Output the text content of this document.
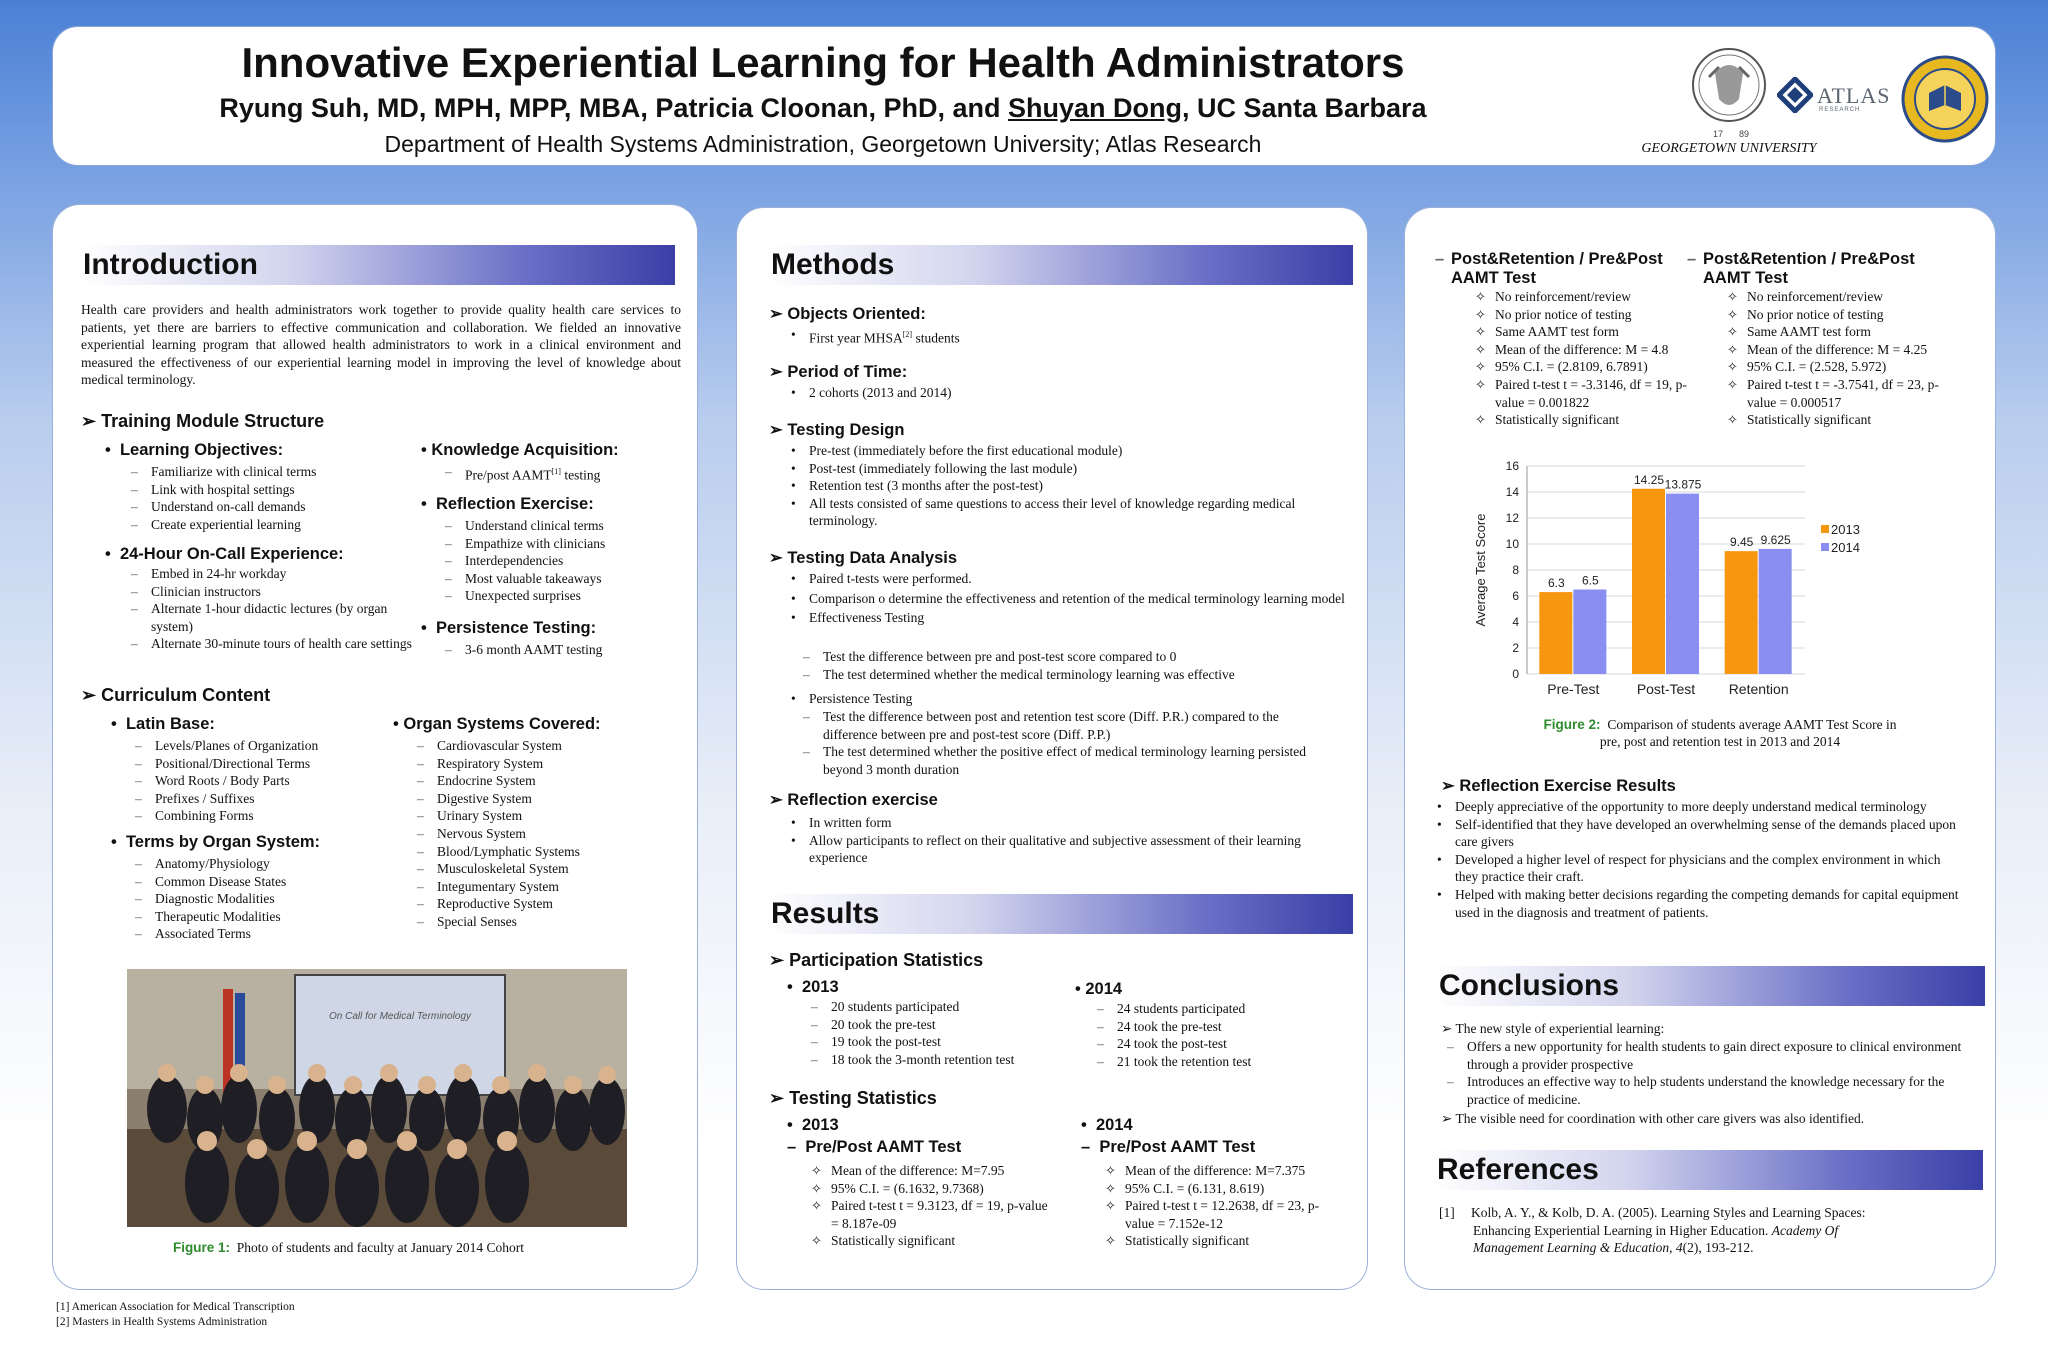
Innovative Experiential Learning for Health Administrators
Ryung Suh, MD, MPH, MPP, MBA, Patricia Cloonan, PhD, and Shuyan Dong, UC Santa Barbara
Department of Health Systems Administration, Georgetown University; Atlas Research	17 89
GEORGETOWN UNIVERSITY
ATLAS
RESEARCH
Introduction
Health care providers and health administrators work together to provide quality health care services to patients, yet there are barriers to effective communication and collaboration. We fielded an innovative experiential learning program that allowed health administrators to work in a clinical environment and measured the effectiveness of our experiential learning model in improving the level of knowledge about medical terminology.
➢ Training Module Structure
•  Learning Objectives:
– Familiarize with clinical terms
– Link with hospital settings
– Understand on-call demands
– Create experiential learning
•  24-Hour On-Call Experience:
– Embed in 24-hr workday
– Clinician instructors
– Alternate 1-hour didactic lectures (by organ system)
– Alternate 30-minute tours of health care settings
• Knowledge Acquisition:
– Pre/post AAMT[1] testing
•  Reflection Exercise:
– Understand clinical terms
– Empathize with clinicians
– Interdependencies
– Most valuable takeaways
– Unexpected surprises
•  Persistence Testing:
– 3-6 month AAMT testing
➢ Curriculum Content
•  Latin Base:
– Levels/Planes of Organization
– Positional/Directional Terms
– Word Roots / Body Parts
– Prefixes / Suffixes
– Combining Forms
•  Terms by Organ System:
– Anatomy/Physiology
– Common Disease States
– Diagnostic Modalities
– Therapeutic Modalities
– Associated Terms
• Organ Systems Covered:
– Cardiovascular System
– Respiratory System
– Endocrine System
– Digestive System
– Urinary System
– Nervous System
– Blood/Lymphatic Systems
– Musculoskeletal System
– Integumentary System
– Reproductive System
– Special Senses
On Call for Medical Terminology
Figure 1: Photo of students and faculty at January 2014 Cohort
[1] American Association for Medical Transcription
[2] Masters in Health Systems Administration
Methods
➢ Objects Oriented:
• First year MHSA[2] students
➢ Period of Time:
• 2 cohorts (2013 and 2014)
➢ Testing Design
• Pre-test (immediately before the first educational module)
• Post-test (immediately following the last module)
• Retention test (3 months after the post-test)
• All tests consisted of same questions to access their level of knowledge regarding medical terminology.
➢ Testing Data Analysis
• Paired t-tests were performed.
• Comparison o determine the effectiveness and retention of the medical terminology learning model
• Effectiveness Testing
– Test the difference between pre and post-test score compared to 0
– The test determined whether the medical terminology learning was effective
• Persistence Testing
– Test the difference between post and retention test score (Diff. P.R.) compared to the difference between pre and post-test score (Diff. P.P.)
– The test determined whether the positive effect of medical terminology learning persisted beyond 3 month duration
➢ Reflection exercise
• In written form
• Allow participants to reflect on their qualitative and subjective assessment of their learning experience
Results
➢ Participation Statistics
•  2013
– 20 students participated
– 20 took the pre-test
– 19 took the post-test
– 18 took the 3-month retention test
• 2014
– 24 students participated
– 24 took the pre-test
– 24 took the post-test
– 21 took the retention test
➢ Testing Statistics
•  2013
–  Pre/Post AAMT Test
✧ Mean of the difference: M=7.95
✧ 95% C.I. = (6.1632, 9.7368)
✧ Paired t-test t = 9.3123, df = 19, p-value = 8.187e-09
✧ Statistically significant
•  2014
–  Pre/Post AAMT Test
✧ Mean of the difference: M=7.375
✧ 95% C.I. = (6.131, 8.619)
✧ Paired t-test t = 12.2638, df = 23, p-value = 7.152e-12
✧ Statistically significant
– Post&Retention / Pre&Post AAMT Test
✧ No reinforcement/review
✧ No prior notice of testing
✧ Same AAMT test form
✧ Mean of the difference: M = 4.8
✧ 95% C.I. = (2.8109, 6.7891)
✧ Paired t-test t = -3.3146, df = 19, p-value = 0.001822
✧ Statistically significant
– Post&Retention / Pre&Post AAMT Test
✧ No reinforcement/review
✧ No prior notice of testing
✧ Same AAMT test form
✧ Mean of the difference: M = 4.25
✧ 95% C.I. = (2.528, 5.972)
✧ Paired t-test t = -3.7541, df = 23, p-value = 0.000517
✧ Statistically significant
0
2
4
6
8
10
12
14
16
Average Test Score	6.3 6.5
Pre-Test
14.25 13.875
Post-Test
9.45 9.625
Retention
2013
2014
Figure 2: Comparison of students average AAMT Test Score in
pre, post and retention test in 2013 and 2014
➢ Reflection Exercise Results
• Deeply appreciative of the opportunity to more deeply understand medical terminology
• Self-identified that they have developed an overwhelming sense of the demands placed upon care givers
• Developed a higher level of respect for physicians and the complex environment in which they practice their craft.
• Helped with making better decisions regarding the competing demands for capital equipment used in the diagnosis and treatment of patients.
Conclusions
➢ The new style of experiential learning:
– Offers a new opportunity for health students to gain direct exposure to clinical environment through a provider prospective
– Introduces an effective way to help students understand the knowledge necessary for the practice of medicine.
➢ The visible need for coordination with other care givers was also identified.
References
[1]	Kolb, A. Y., & Kolb, D. A. (2005). Learning Styles and Learning Spaces:
Enhancing Experiential Learning in Higher Education. Academy Of
Management Learning & Education, 4(2), 193-212.
